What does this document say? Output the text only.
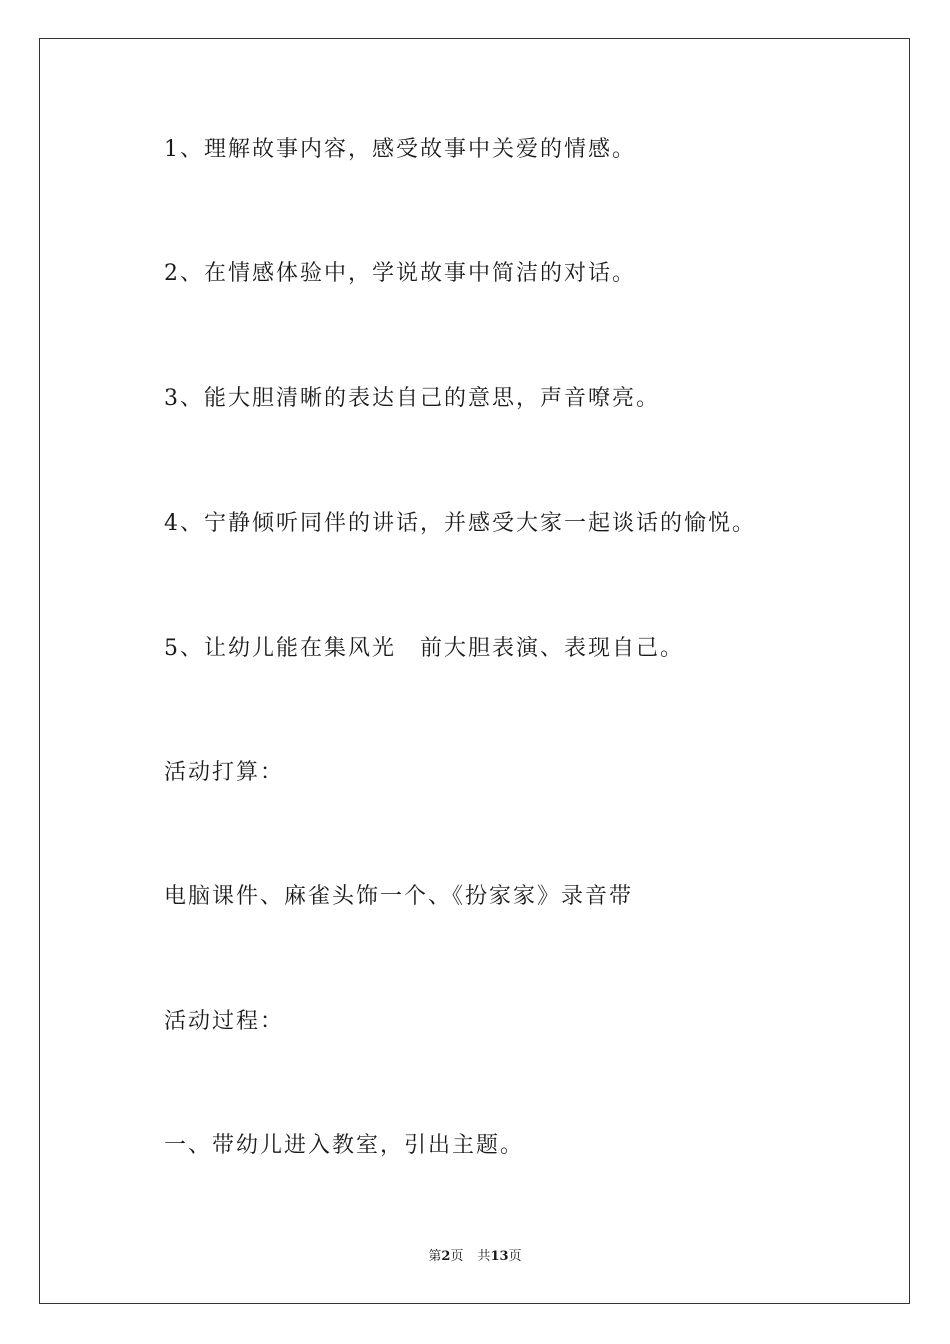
1、理解故事内容，感受故事中关爱的情感。

2、在情感体验中，学说故事中简洁的对话。

3、能大胆清晰的表达自己的意思，声音嘹亮。

4、宁静倾听同伴的讲话，并感受大家一起谈话的愉悦。

5、让幼儿能在集风光　前大胆表演、表现自己。

活动打算：

电脑课件、麻雀头饰一个、《扮家家》录音带

活动过程：

一、带幼儿进入教室，引出主题。

第2页 共13页
